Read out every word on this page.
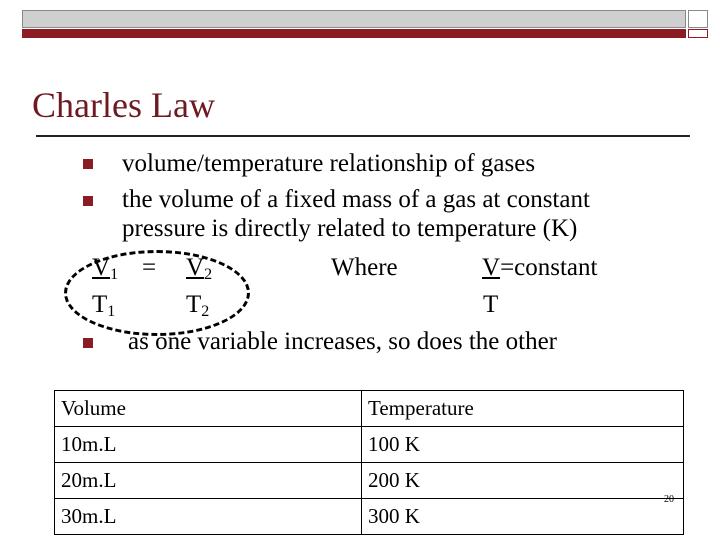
Charles Law
volume/temperature relationship of gases
the volume of a fixed mass of a gas at constant
pressure is directly related to temperature (K)
$V_1 = V_2$	Where	V=constant
$T_1$	$T_2$	T
as one variable increases, so does the other
Volume	Temperature
10m.L	100 K
20m.L	200 K
30m.L	300 K
20
